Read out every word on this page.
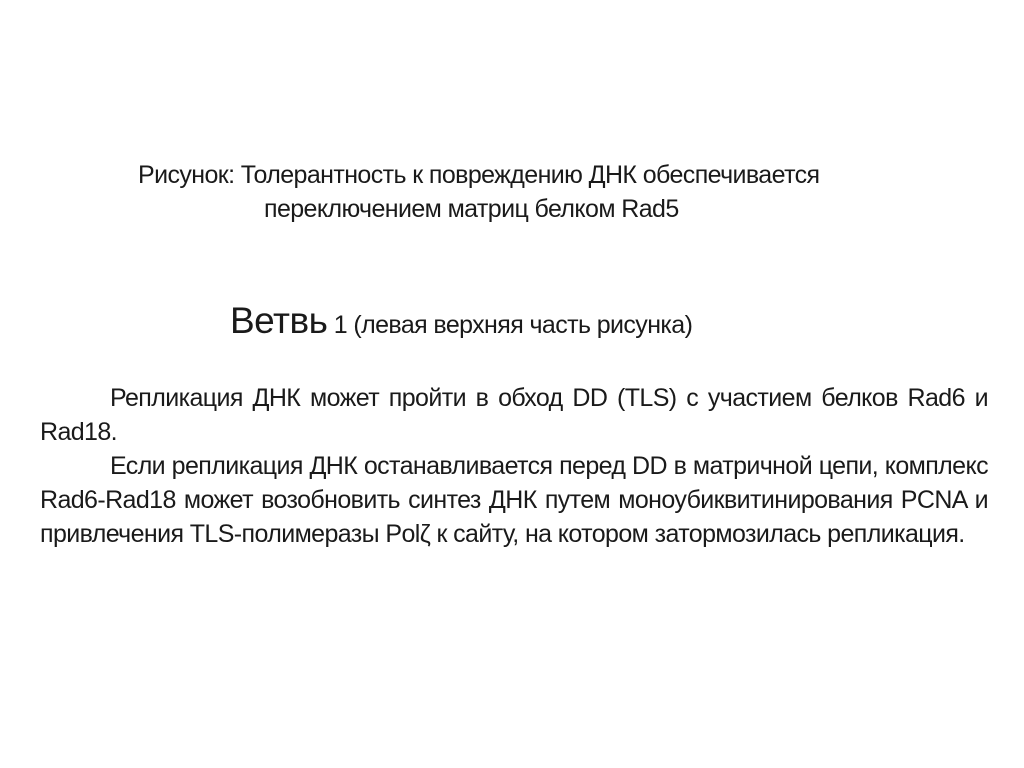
Рисунок: Толерантность к повреждению ДНК обеспечивается
переключением матриц белком Rad5
Ветвь 1 (левая верхняя часть рисунка)

Репликация ДНК может пройти в обход DD (TLS) с участием белков Rad6 и Rad18.

Если репликация ДНК останавливается перед DD в матричной цепи, комплекс Rad6-Rad18 может возобновить синтез ДНК путем моноубиквитинирования PCNA и привлечения TLS-полимеразы Polζ к сайту, на котором затормозилась репликация.
